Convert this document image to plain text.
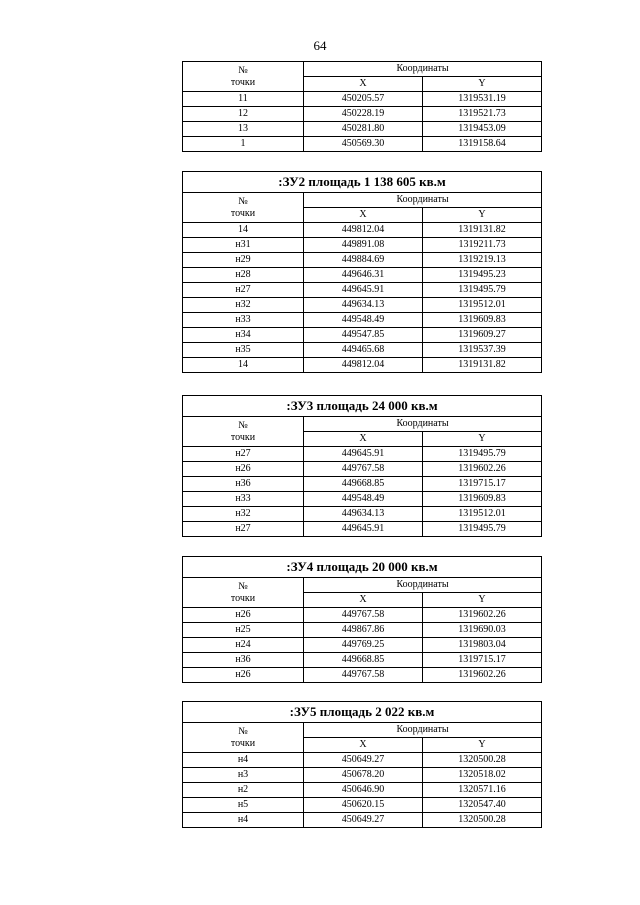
64
№
точки	Координаты	
	X	Y
11	450205.57	1319531.19
12	450228.19	1319521.73
13	450281.80	1319453.09
1	450569.30	1319158.64
:ЗУ2 площадь 1 138 605 кв.м		

№
точки	Координаты	
	X	Y
14	449812.04	1319131.82
н31	449891.08	1319211.73
н29	449884.69	1319219.13
н28	449646.31	1319495.23
н27	449645.91	1319495.79
н32	449634.13	1319512.01
н33	449548.49	1319609.83
н34	449547.85	1319609.27
н35	449465.68	1319537.39
14	449812.04	1319131.82
:ЗУ3 площадь 24 000 кв.м		

№
точки	Координаты	
	X	Y
н27	449645.91	1319495.79
н26	449767.58	1319602.26
н36	449668.85	1319715.17
н33	449548.49	1319609.83
н32	449634.13	1319512.01
н27	449645.91	1319495.79
:ЗУ4 площадь 20 000 кв.м		

№
точки	Координаты	
	X	Y
н26	449767.58	1319602.26
н25	449867.86	1319690.03
н24	449769.25	1319803.04
н36	449668.85	1319715.17
н26	449767.58	1319602.26
:ЗУ5 площадь 2 022 кв.м		

№
точки	Координаты	
	X	Y
н4	450649.27	1320500.28
н3	450678.20	1320518.02
н2	450646.90	1320571.16
н5	450620.15	1320547.40
н4	450649.27	1320500.28
